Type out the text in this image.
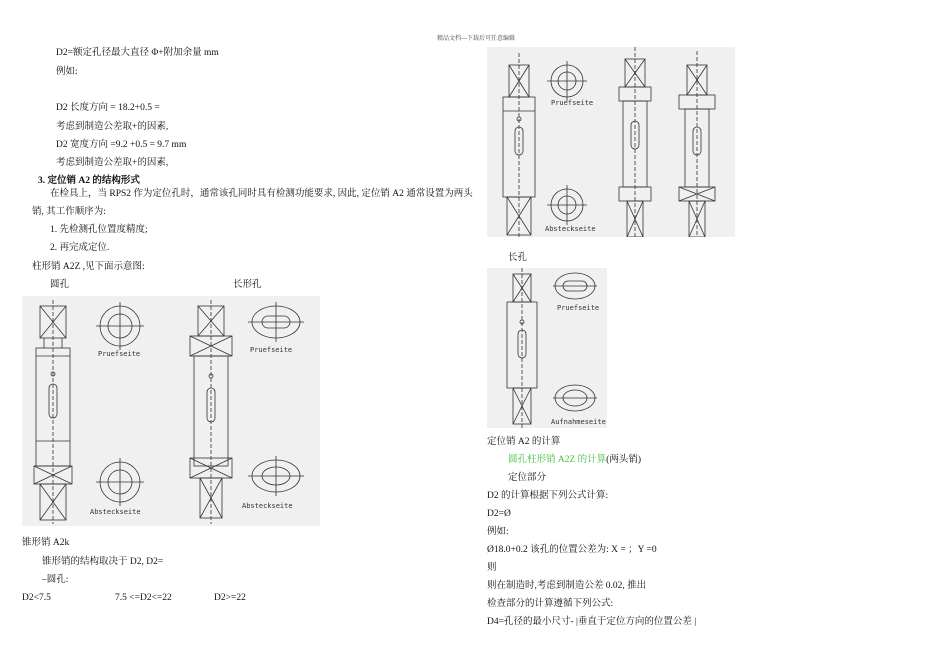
精品文档---下载后可任意编辑
D2=额定孔径最大直径 Φ+附加余量 mm
例如:
D2 长度方向 = 18.2+0.5 =
考虑到制造公差取+的因素,
D2 宽度方向 =9.2 +0.5 = 9.7 mm
考虑到制造公差取+的因素,
3. 定位销 A2 的结构形式
在检具上，当 RPS2 作为定位孔时，通常该孔同时具有检测功能要求, 因此, 定位销 A2 通常设置为两头
销, 其工作顺序为:
1. 先检测孔位置度精度;
2. 再完成定位.
柱形销 A2Z ,见下面示意图:
圆孔	长形孔
Pruefseite
Absteckseite
Pruefseite
Absteckseite
锥形销 A2k
锥形销的结构取决于 D2, D2=
–圆孔:
D2<7.5	7.5 <=D2<=22	D2>=22
Pruefseite
Absteckseite
长孔
Pruefseite
Aufnahmeseite
定位销 A2 的计算
圆孔柱形销 A2Z 的计算(两头销)
定位部分
D2 的计算根据下列公式计算:
D2=Ø
例如:
Ø18.0+0.2 该孔的位置公差为: X = ；Y =0
则
则在制造时,考虑到制造公差 0.02, 推出
检查部分的计算遵循下列公式:
D4=孔径的最小尺寸- |垂直于定位方向的位置公差 |
